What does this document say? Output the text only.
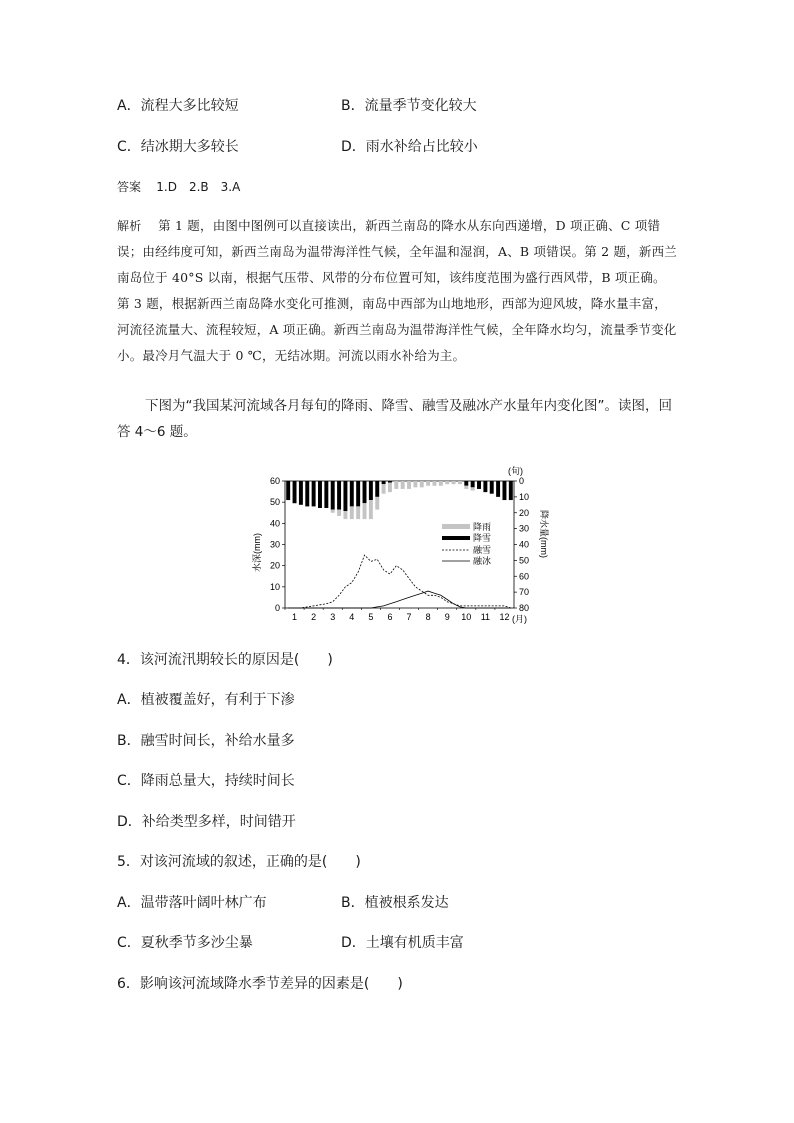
A．流程大多比较短	B．流量季节变化较大
C．结冰期大多较长	D．雨水补给占比较小
答案 1.D　2.B　3.A
解析 第 1 题，由图中图例可以直接读出，新西兰南岛的降水从东向西递增，D 项正确、C 项错误；由经纬度可知，新西兰南岛为温带海洋性气候，全年温和湿润，A、B 项错误。第 2 题，新西兰南岛位于 40°S 以南，根据气压带、风带的分布位置可知，该纬度范围为盛行西风带，B 项正确。第 3 题，根据新西兰南岛降水变化可推测，南岛中西部为山地地形，西部为迎风坡，降水量丰富，河流径流量大、流程较短，A 项正确。新西兰南岛为温带海洋性气候，全年降水均匀，流量季节变化小。最冷月气温大于 0 ℃，无结冰期。河流以雨水补给为主。
下图为“我国某河流域各月每旬的降雨、降雪、融雪及融冰产水量年内变化图”。读图，回答 4～6 题。
0
10
20
30
40
50
60	0
10
20
30
40
50
60
70
80
1 2 3 4 5 6 7 8 9 10 11 12
(旬)
(月)
水深(mm)	降水量(mm)
降雨
降雪
融雪
融冰
4．该河流汛期较长的原因是(　　)
A．植被覆盖好，有利于下渗
B．融雪时间长，补给水量多
C．降雨总量大，持续时间长
D．补给类型多样，时间错开
5．对该河流域的叙述，正确的是(　　)
A．温带落叶阔叶林广布	B．植被根系发达
C．夏秋季节多沙尘暴	D．土壤有机质丰富
6．影响该河流域降水季节差异的因素是(　　)
